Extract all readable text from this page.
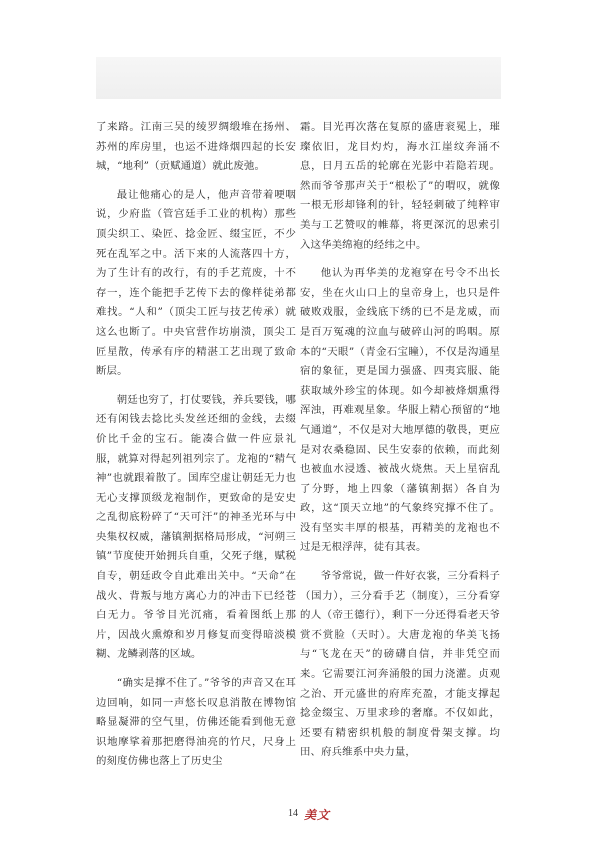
了来路。江南三吴的绫罗绸缎堆在扬州、苏州的库房里，也运不进烽烟四起的长安城，“地利”（贡赋通道）就此废弛。

最让他痛心的是人，他声音带着哽咽说，少府监（管宫廷手工业的机构）那些顶尖织工、染匠、捻金匠、缀宝匠，不少死在乱军之中。活下来的人流落四十方，为了生计有的改行，有的手艺荒废，十不存一，连个能把手艺传下去的像样徒弟都难找。“人和”（顶尖工匠与技艺传承）就这么也断了。中央官营作坊崩溃，顶尖工匠星散，传承有序的精湛工艺出现了致命断层。

朝廷也穷了，打仗要钱，养兵要钱，哪还有闲钱去捻比头发丝还细的金线，去缀价比千金的宝石。能凑合做一件应景礼服，就算对得起列祖列宗了。龙袍的“精气神”也就跟着散了。国库空虚让朝廷无力也无心支撑顶级龙袍制作，更致命的是安史之乱彻底粉碎了“天可汗”的神圣光环与中央集权权威，藩镇割据格局形成，“河朔三镇”节度使开始拥兵自重，父死子继，赋税自专，朝廷政令自此难出关中。“天命”在战火、背叛与地方离心力的冲击下已经苍白无力。爷爷目光沉痛，看着图纸上那片，因战火熏燎和岁月修复而变得暗淡模糊、龙鳞剥落的区域。

“确实是撑不住了。”爷爷的声音又在耳边回响，如同一声悠长叹息消散在博物馆略显凝滞的空气里，仿佛还能看到他无意识地摩挲着那把磨得油亮的竹尺，尺身上的刻度仿佛也落上了历史尘

霜。目光再次落在复原的盛唐衮冕上，璀璨依旧，龙目灼灼，海水江崖纹奔涌不息，日月五岳的轮廓在光影中若隐若现。然而爷爷那声关于“根松了”的喟叹，就像一根无形却锋利的针，轻轻刺破了纯粹审美与工艺赞叹的帷幕，将更深沉的思索引入这华美绵袍的经纬之中。

他认为再华美的龙袍穿在号令不出长安，坐在火山口上的皇帝身上，也只是件破败戏服，金线底下绣的已不是龙威，而是百万冤魂的泣血与破碎山河的呜咽。原本的“天眼”（青金石宝瞳），不仅是沟通星宿的象征，更是国力强盛、四夷宾服、能获取域外珍宝的体现。如今却被烽烟熏得浑浊，再难观星象。华服上精心预留的“地气通道”，不仅是对大地厚德的敬畏，更应是对农桑稳固、民生安泰的依赖，而此刻也被血水浸透、被战火烧焦。天上星宿乱了分野，地上四象（藩镇割据）各自为政，这“顶天立地”的气象终究撑不住了。没有坚实丰厚的根基，再精美的龙袍也不过是无根浮萍，徒有其表。

爷爷常说，做一件好衣裳，三分看料子（国力），三分看手艺（制度），三分看穿的人（帝王德行），剩下一分还得看老天爷赏不赏脸（天时）。大唐龙袍的华美飞扬与“飞龙在天”的磅礴自信，并非凭空而来。它需要江河奔涌般的国力浇灌。贞观之治、开元盛世的府库充盈，才能支撑起捻金缀宝、万里求珍的奢靡。不仅如此，还要有精密织机般的制度骨架支撑。均田、府兵维系中央力量，

14 美文
